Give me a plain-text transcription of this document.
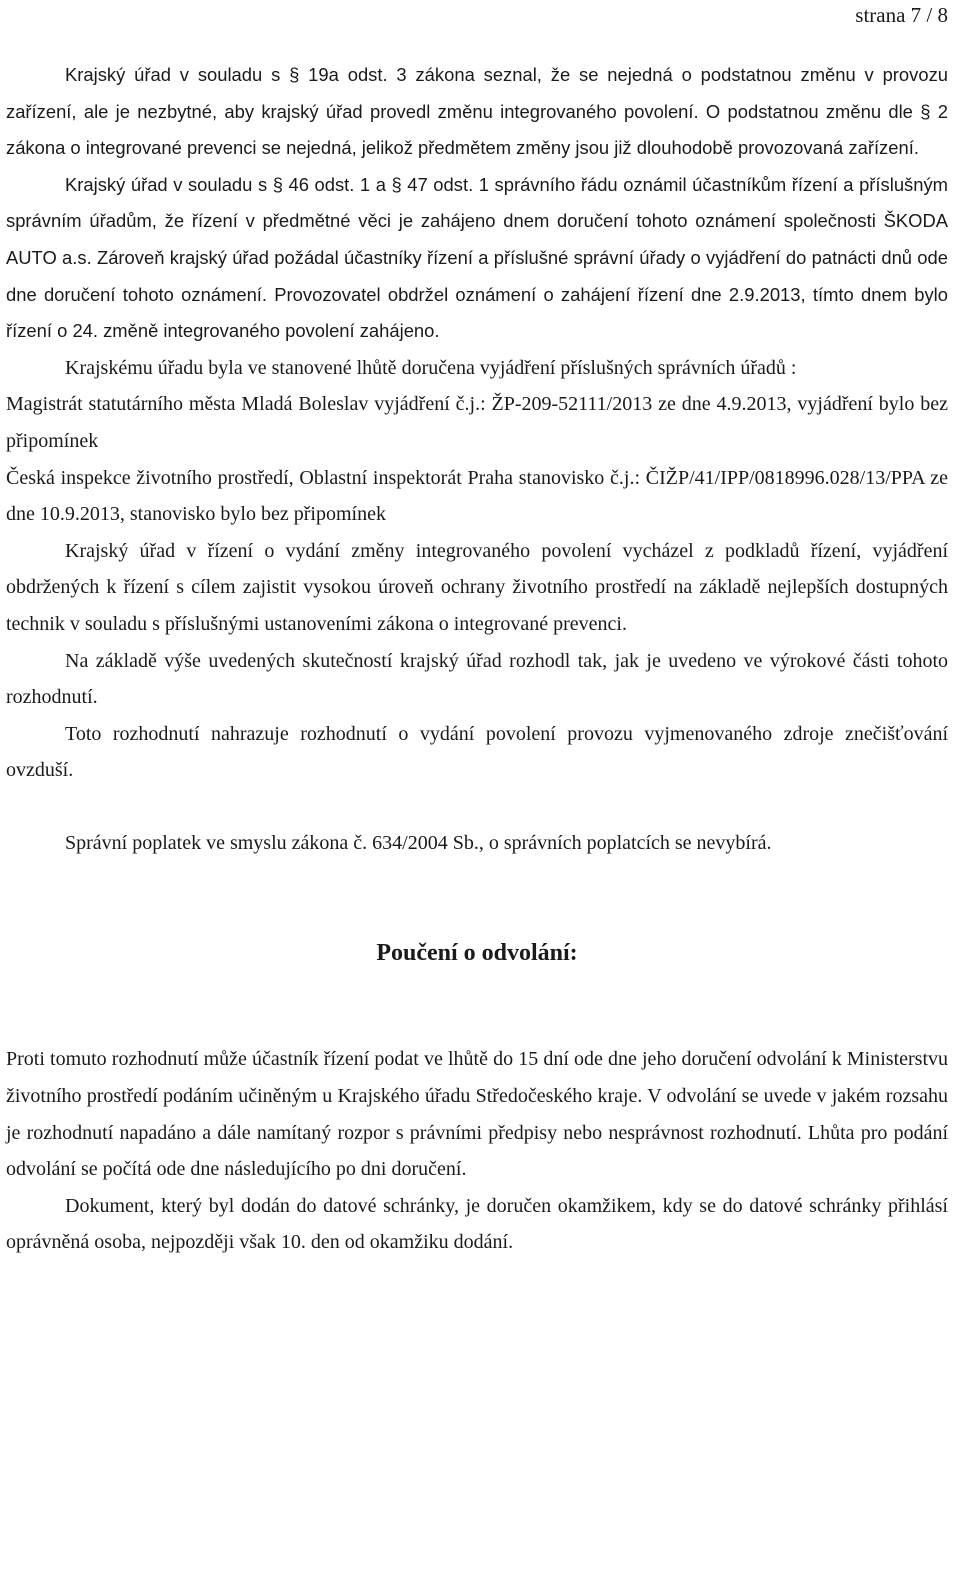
strana 7 / 8

Krajský úřad v souladu s § 19a odst. 3 zákona seznal, že se nejedná o podstatnou změnu v provozu zařízení, ale je nezbytné, aby krajský úřad provedl změnu integrovaného povolení. O podstatnou změnu dle § 2 zákona o integrované prevenci se nejedná, jelikož předmětem změny jsou již dlouhodobě provozovaná zařízení.

Krajský úřad v souladu s § 46 odst. 1 a § 47 odst. 1 správního řádu oznámil účastníkům řízení a příslušným správním úřadům, že řízení v předmětné věci je zahájeno dnem doručení tohoto oznámení společnosti ŠKODA AUTO a.s. Zároveň krajský úřad požádal účastníky řízení a příslušné správní úřady o vyjádření do patnácti dnů ode dne doručení tohoto oznámení. Provozovatel obdržel oznámení o zahájení řízení dne 2.9.2013, tímto dnem bylo řízení o 24. změně integrovaného povolení zahájeno.

Krajskému úřadu byla ve stanovené lhůtě doručena vyjádření příslušných správních úřadů :

Magistrát statutárního města Mladá Boleslav vyjádření č.j.: ŽP-209-52111/2013 ze dne 4.9.2013, vyjádření bylo bez připomínek

Česká inspekce životního prostředí, Oblastní inspektorát Praha stanovisko č.j.: ČIŽP/41/IPP/0818996.028/13/PPA ze dne 10.9.2013, stanovisko bylo bez připomínek

Krajský úřad v řízení o vydání změny integrovaného povolení vycházel z podkladů řízení, vyjádření obdržených k řízení s cílem zajistit vysokou úroveň ochrany životního prostředí na základě nejlepších dostupných technik v souladu s příslušnými ustanoveními zákona o integrované prevenci.

Na základě výše uvedených skutečností krajský úřad rozhodl tak, jak je uvedeno ve výrokové části tohoto rozhodnutí.

Toto rozhodnutí nahrazuje rozhodnutí o vydání povolení provozu vyjmenovaného zdroje znečišťování ovzduší.

Správní poplatek ve smyslu zákona č. 634/2004 Sb., o správních poplatcích se nevybírá.

Poučení o odvolání:

Proti tomuto rozhodnutí může účastník řízení podat ve lhůtě do 15 dní ode dne jeho doručení odvolání k Ministerstvu životního prostředí podáním učiněným u Krajského úřadu Středočeského kraje. V odvolání se uvede v jakém rozsahu je rozhodnutí napadáno a dále namítaný rozpor s právními předpisy nebo nesprávnost rozhodnutí. Lhůta pro podání odvolání se počítá ode dne následujícího po dni doručení.

Dokument, který byl dodán do datové schránky, je doručen okamžikem, kdy se do datové schránky přihlásí oprávněná osoba, nejpozději však 10. den od okamžiku dodání.
